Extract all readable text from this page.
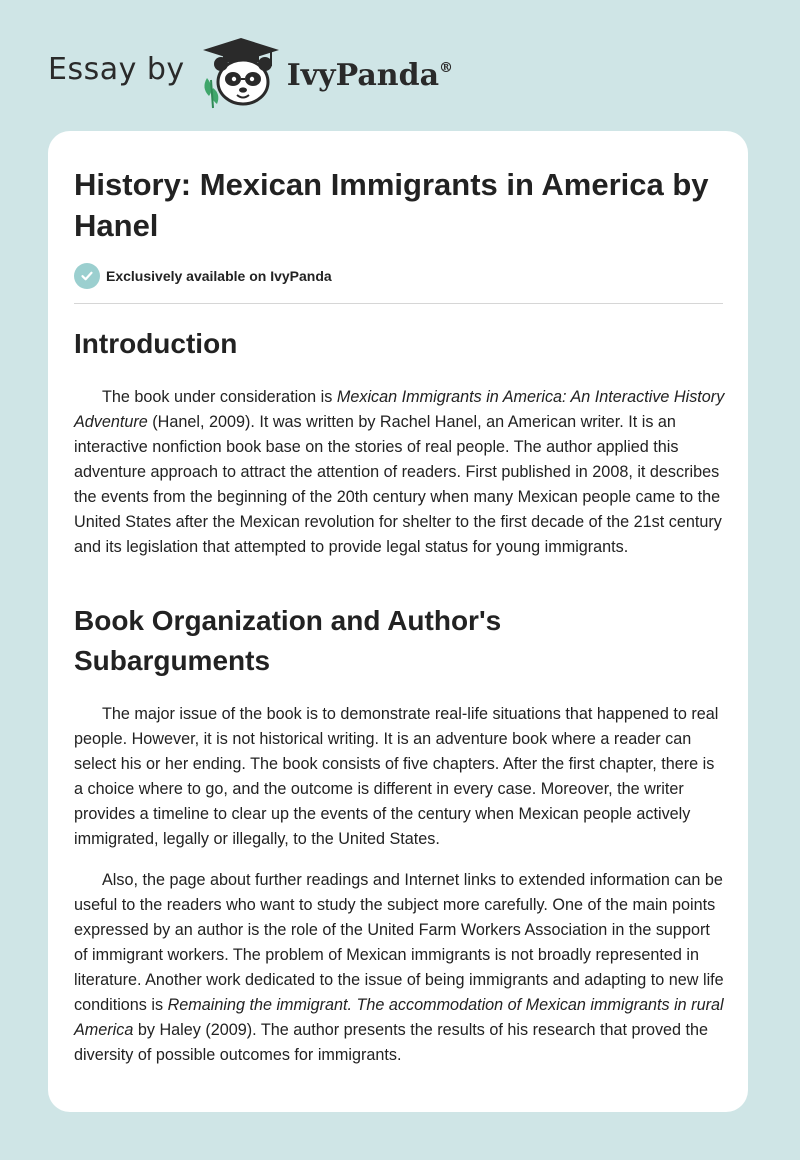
Essay by	IvyPanda®
History: Mexican Immigrants in America by Hanel
Exclusively available on IvyPanda
Introduction

The book under consideration is Mexican Immigrants in America: An Interactive History Adventure (Hanel, 2009). It was written by Rachel Hanel, an American writer. It is an interactive nonfiction book base on the stories of real people. The author applied this adventure approach to attract the attention of readers. First published in 2008, it describes the events from the beginning of the 20th century when many Mexican people came to the United States after the Mexican revolution for shelter to the first decade of the 21st century and its legislation that attempted to provide legal status for young immigrants.

Book Organization and Author's Subarguments

The major issue of the book is to demonstrate real-life situations that happened to real people. However, it is not historical writing. It is an adventure book where a reader can select his or her ending. The book consists of five chapters. After the first chapter, there is a choice where to go, and the outcome is different in every case. Moreover, the writer provides a timeline to clear up the events of the century when Mexican people actively immigrated, legally or illegally, to the United States.

Also, the page about further readings and Internet links to extended information can be useful to the readers who want to study the subject more carefully. One of the main points expressed by an author is the role of the United Farm Workers Association in the support of immigrant workers. The problem of Mexican immigrants is not broadly represented in literature. Another work dedicated to the issue of being immigrants and adapting to new life conditions is Remaining the immigrant. The accommodation of Mexican immigrants in rural America by Haley (2009). The author presents the results of his research that proved the diversity of possible outcomes for immigrants.
